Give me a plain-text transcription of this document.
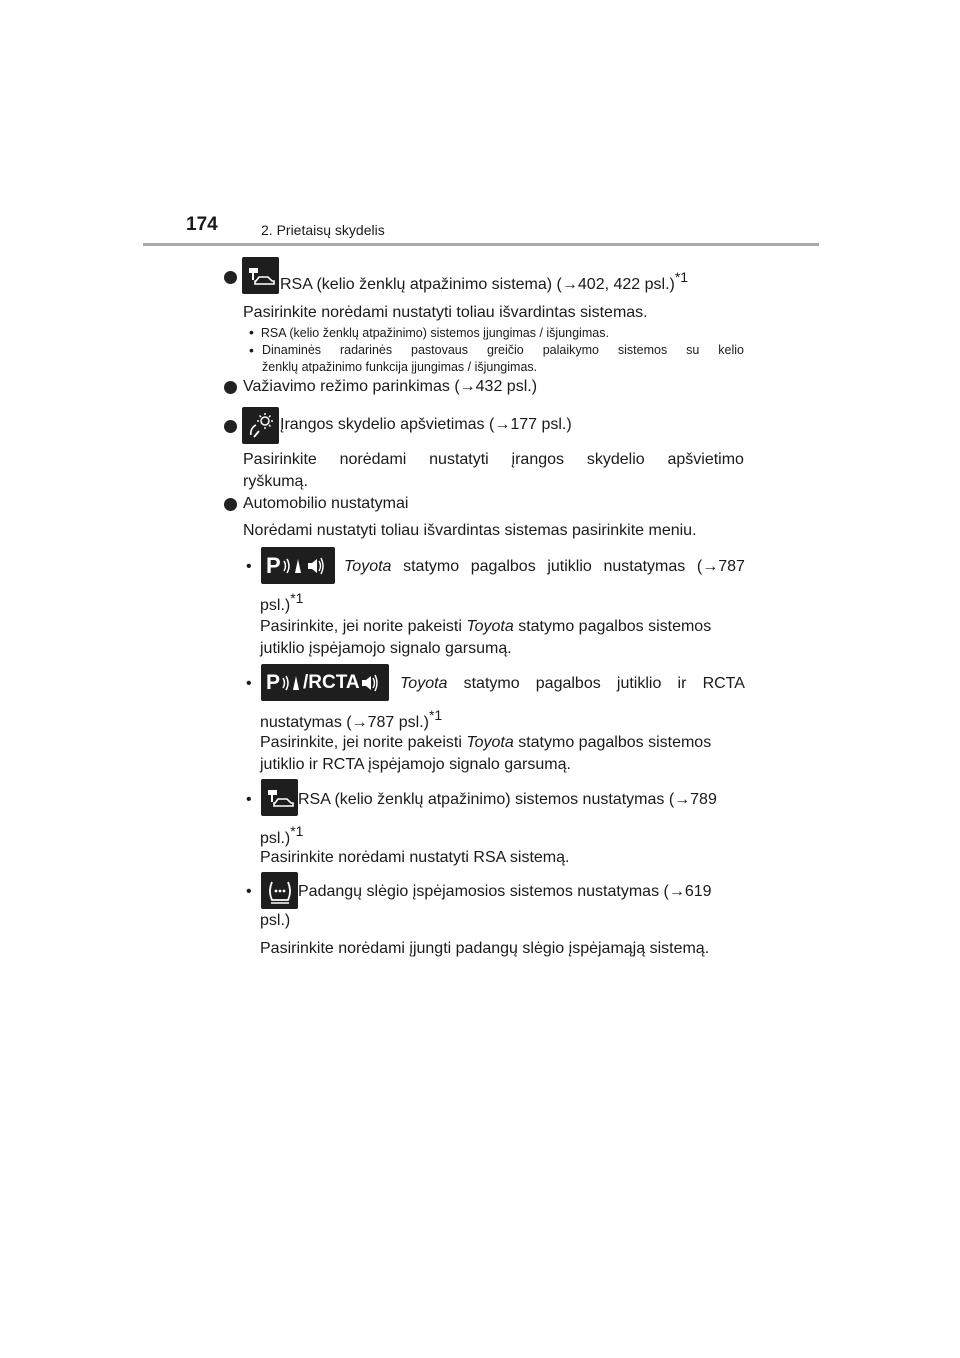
174	2. Prietaisų skydelis
RSA (kelio ženklų atpažinimo sistema) (→402, 422 psl.)$^{*1}$
Pasirinkite norėdami nustatyti toliau išvardintas sistemas.
• RSA (kelio ženklų atpažinimo) sistemos įjungimas / išjungimas.
• Dinaminės radarinės pastovaus greičio palaikymo sistemos su kelio
ženklų atpažinimo funkcija įjungimas / išjungimas.
Važiavimo režimo parinkimas (→432 psl.)
Įrangos skydelio apšvietimas (→177 psl.)
Pasirinkite norėdami nustatyti įrangos skydelio apšvietimo
ryškumą.
Automobilio nustatymai
Norėdami nustatyti toliau išvardintas sistemas pasirinkite meniu.
• P	Toyota statymo pagalbos jutiklio nustatymas (→787
psl.)$^{*1}$
Pasirinkite, jei norite pakeisti Toyota statymo pagalbos sistemos
jutiklio įspėjamojo signalo garsumą.
• P /RCTA	Toyota statymo pagalbos jutiklio ir RCTA
nustatymas (→787 psl.)$^{*1}$
Pasirinkite, jei norite pakeisti Toyota statymo pagalbos sistemos
jutiklio ir RCTA įspėjamojo signalo garsumą.
•	RSA (kelio ženklų atpažinimo) sistemos nustatymas (→789
psl.)$^{*1}$
Pasirinkite norėdami nustatyti RSA sistemą.
•	Padangų slėgio įspėjamosios sistemos nustatymas (→619
psl.)
Pasirinkite norėdami įjungti padangų slėgio įspėjamąją sistemą.
